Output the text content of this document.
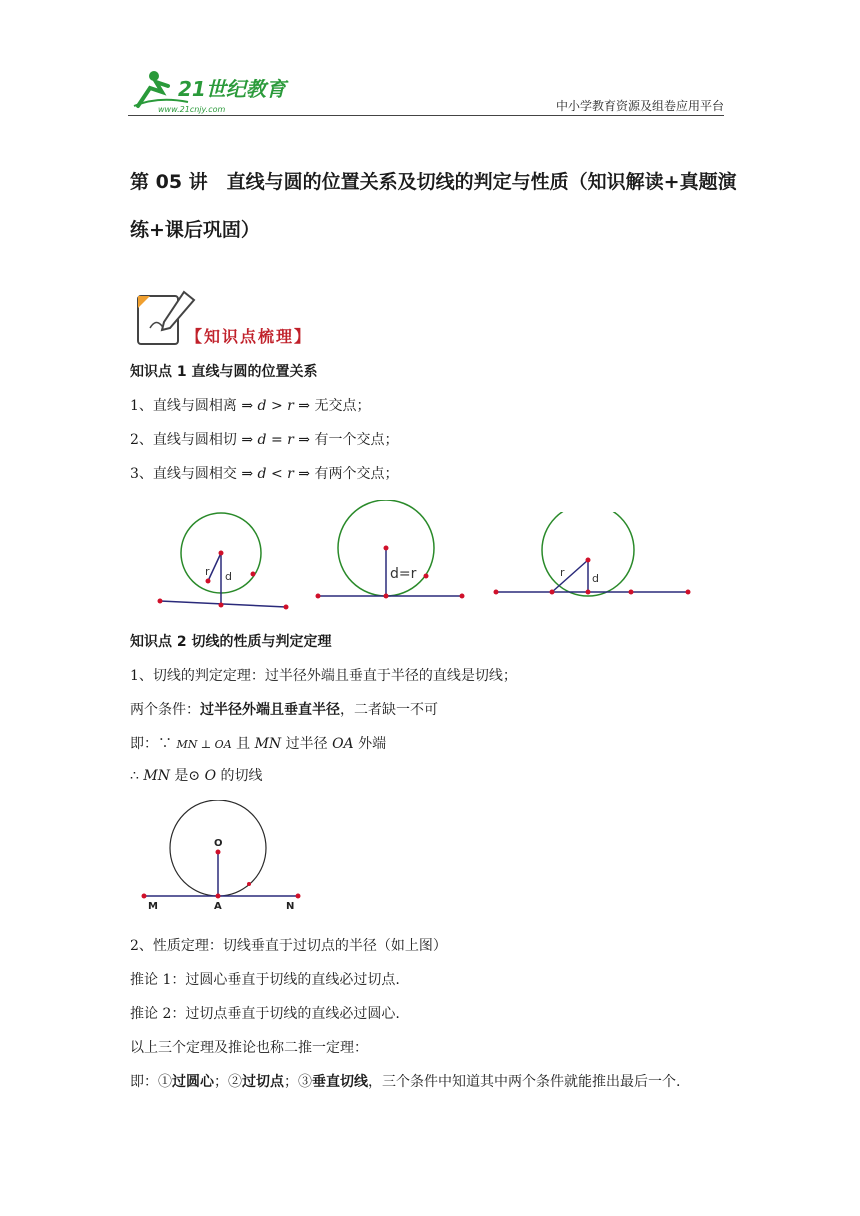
21世纪教育
www.21cnjy.com	中小学教育资源及组卷应用平台
第 05 讲　直线与圆的位置关系及切线的判定与性质（知识解读+真题演练+课后巩固）
【知识点梳理】
知识点 1 直线与圆的位置关系
1、直线与圆相离 ⇒ d > r ⇒ 无交点；
2、直线与圆相切 ⇒ d = r ⇒ 有一个交点；
3、直线与圆相交 ⇒ d < r ⇒ 有两个交点；
r d	d=r	r d
知识点 2 切线的性质与判定定理
1、切线的判定定理：过半径外端且垂直于半径的直线是切线；
两个条件：过半径外端且垂直半径，二者缺一不可
即：∵ MN ⊥ OA 且 MN 过半径 OA 外端
∴ MN 是⊙ O 的切线
O
M	A	N
2、性质定理：切线垂直于过切点的半径（如上图）
推论 1：过圆心垂直于切线的直线必过切点.
推论 2：过切点垂直于切线的直线必过圆心.
以上三个定理及推论也称二推一定理：
即：①过圆心；②过切点；③垂直切线，三个条件中知道其中两个条件就能推出最后一个.
